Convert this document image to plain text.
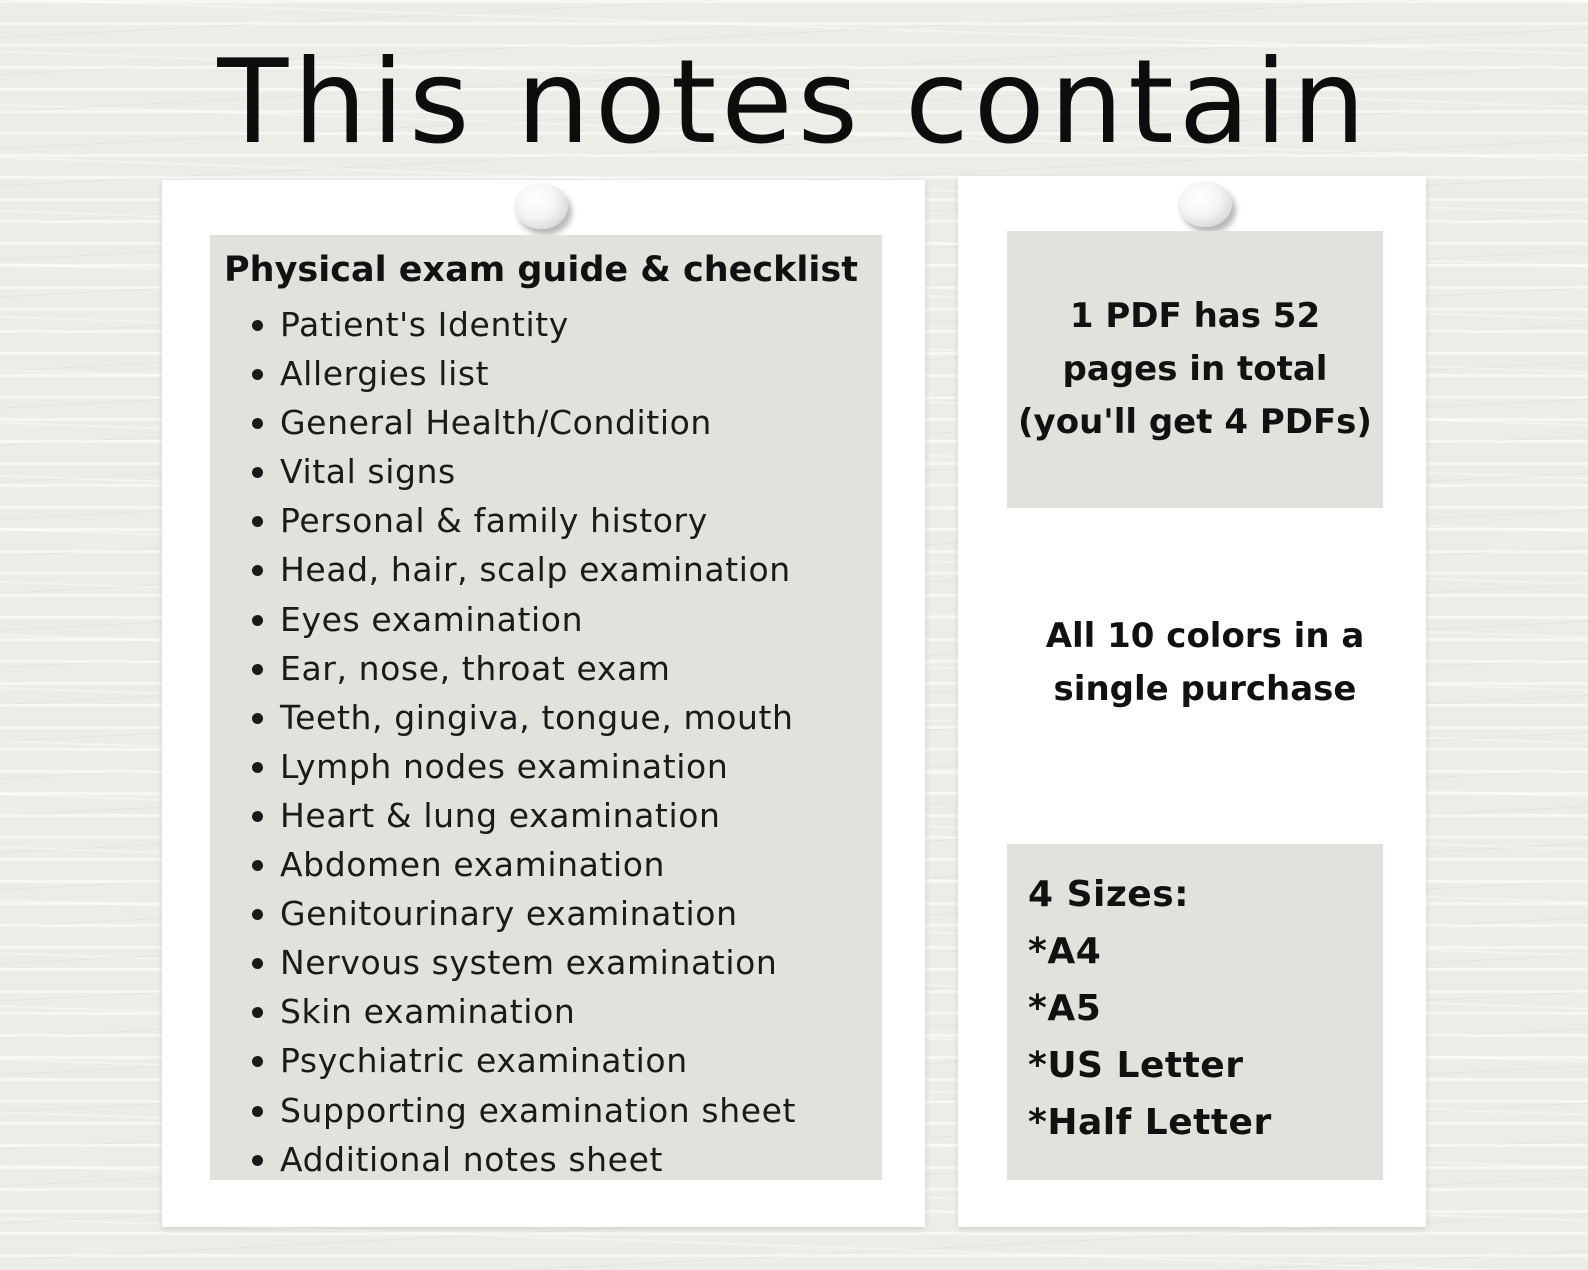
This notes contain
Physical exam guide & checklist
Patient's Identity
Allergies list
General Health/Condition
Vital signs
Personal & family history
Head, hair, scalp examination
Eyes examination
Ear, nose, throat exam
Teeth, gingiva, tongue, mouth
Lymph nodes examination
Heart & lung examination
Abdomen examination
Genitourinary examination
Nervous system examination
Skin examination
Psychiatric examination
Supporting examination sheet
Additional notes sheet
1 PDF has 52
pages in total
(you'll get 4 PDFs)
All 10 colors in a
single purchase
4 Sizes:
*A4
*A5
*US Letter
*Half Letter
